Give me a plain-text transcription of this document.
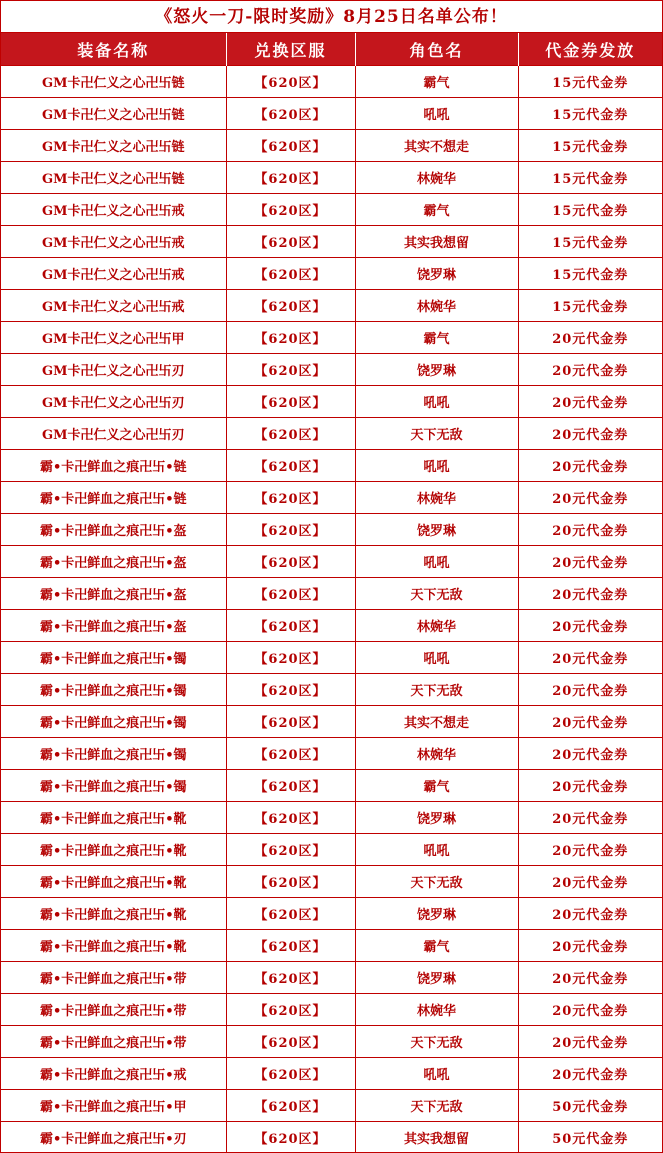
《怒火一刀-限时奖励》8月25日名单公布！
装备名称	兑换区服	角色名	代金券发放
GM卡卍仁义之心卍卐链	【620区】	霸气	15元代金券
GM卡卍仁义之心卍卐链	【620区】	吼吼	15元代金券
GM卡卍仁义之心卍卐链	【620区】	其实不想走	15元代金券
GM卡卍仁义之心卍卐链	【620区】	林婉华	15元代金券
GM卡卍仁义之心卍卐戒	【620区】	霸气	15元代金券
GM卡卍仁义之心卍卐戒	【620区】	其实我想留	15元代金券
GM卡卍仁义之心卍卐戒	【620区】	饶罗琳	15元代金券
GM卡卍仁义之心卍卐戒	【620区】	林婉华	15元代金券
GM卡卍仁义之心卍卐甲	【620区】	霸气	20元代金券
GM卡卍仁义之心卍卐刃	【620区】	饶罗琳	20元代金券
GM卡卍仁义之心卍卐刃	【620区】	吼吼	20元代金券
GM卡卍仁义之心卍卐刃	【620区】	天下无敌	20元代金券
霸•卡卍鲜血之痕卍卐•链	【620区】	吼吼	20元代金券
霸•卡卍鲜血之痕卍卐•链	【620区】	林婉华	20元代金券
霸•卡卍鲜血之痕卍卐•盔	【620区】	饶罗琳	20元代金券
霸•卡卍鲜血之痕卍卐•盔	【620区】	吼吼	20元代金券
霸•卡卍鲜血之痕卍卐•盔	【620区】	天下无敌	20元代金券
霸•卡卍鲜血之痕卍卐•盔	【620区】	林婉华	20元代金券
霸•卡卍鲜血之痕卍卐•镯	【620区】	吼吼	20元代金券
霸•卡卍鲜血之痕卍卐•镯	【620区】	天下无敌	20元代金券
霸•卡卍鲜血之痕卍卐•镯	【620区】	其实不想走	20元代金券
霸•卡卍鲜血之痕卍卐•镯	【620区】	林婉华	20元代金券
霸•卡卍鲜血之痕卍卐•镯	【620区】	霸气	20元代金券
霸•卡卍鲜血之痕卍卐•靴	【620区】	饶罗琳	20元代金券
霸•卡卍鲜血之痕卍卐•靴	【620区】	吼吼	20元代金券
霸•卡卍鲜血之痕卍卐•靴	【620区】	天下无敌	20元代金券
霸•卡卍鲜血之痕卍卐•靴	【620区】	饶罗琳	20元代金券
霸•卡卍鲜血之痕卍卐•靴	【620区】	霸气	20元代金券
霸•卡卍鲜血之痕卍卐•带	【620区】	饶罗琳	20元代金券
霸•卡卍鲜血之痕卍卐•带	【620区】	林婉华	20元代金券
霸•卡卍鲜血之痕卍卐•带	【620区】	天下无敌	20元代金券
霸•卡卍鲜血之痕卍卐•戒	【620区】	吼吼	20元代金券
霸•卡卍鲜血之痕卍卐•甲	【620区】	天下无敌	50元代金券
霸•卡卍鲜血之痕卍卐•刃	【620区】	其实我想留	50元代金券
